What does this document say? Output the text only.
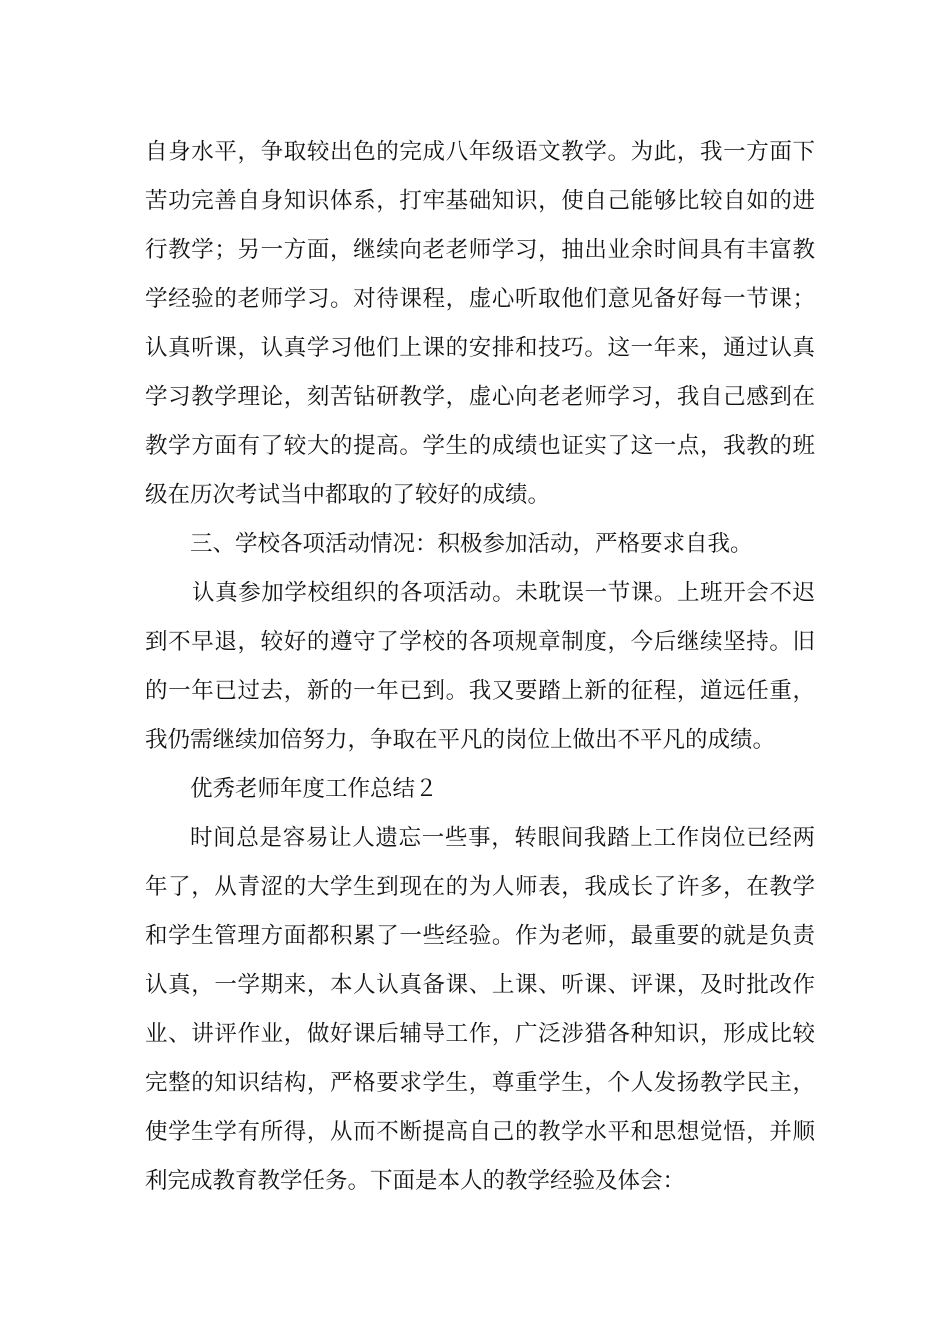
自身水平，争取较出色的完成八年级语文教学。为此，我一方面下
苦功完善自身知识体系，打牢基础知识，使自己能够比较自如的进
行教学；另一方面，继续向老老师学习，抽出业余时间具有丰富教
学经验的老师学习。对待课程，虚心听取他们意见备好每一节课；
认真听课，认真学习他们上课的安排和技巧。这一年来，通过认真
学习教学理论，刻苦钻研教学，虚心向老老师学习，我自己感到在
教学方面有了较大的提高。学生的成绩也证实了这一点，我教的班
级在历次考试当中都取的了较好的成绩。
三、学校各项活动情况：积极参加活动，严格要求自我。
认真参加学校组织的各项活动。未耽误一节课。上班开会不迟
到不早退，较好的遵守了学校的各项规章制度，今后继续坚持。旧
的一年已过去，新的一年已到。我又要踏上新的征程，道远任重，
我仍需继续加倍努力，争取在平凡的岗位上做出不平凡的成绩。
优秀老师年度工作总结２
时间总是容易让人遗忘一些事，转眼间我踏上工作岗位已经两
年了，从青涩的大学生到现在的为人师表，我成长了许多，在教学
和学生管理方面都积累了一些经验。作为老师，最重要的就是负责
认真，一学期来，本人认真备课、上课、听课、评课，及时批改作
业、讲评作业，做好课后辅导工作，广泛涉猎各种知识，形成比较
完整的知识结构，严格要求学生，尊重学生，个人发扬教学民主，
使学生学有所得，从而不断提高自己的教学水平和思想觉悟，并顺
利完成教育教学任务。下面是本人的教学经验及体会：
